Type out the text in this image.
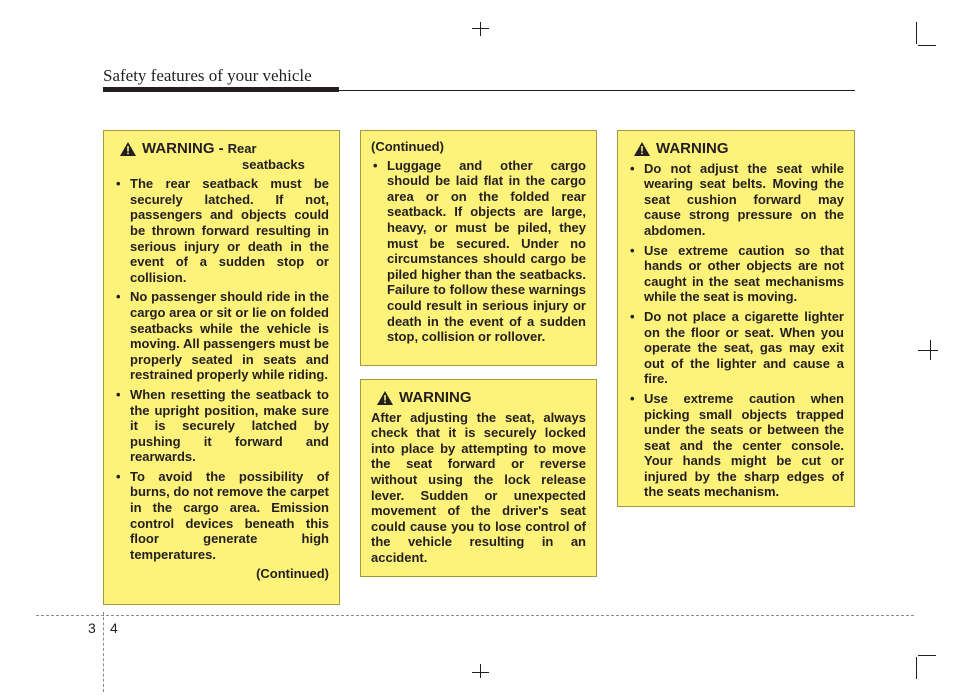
Safety features of your vehicle
WARNING - Rear
seatbacks
• The rear seatback must be securely latched. If not, passengers and objects could be thrown forward resulting in serious injury or death in the event of a sudden stop or collision.
• No passenger should ride in the cargo area or sit or lie on folded seatbacks while the vehicle is moving. All passengers must be properly seated in seats and restrained properly while riding.
• When resetting the seatback to the upright position, make sure it is securely latched by pushing it forward and rearwards.
• To avoid the possibility of burns, do not remove the carpet in the cargo area. Emission control devices beneath this floor generate high temperatures.
(Continued)
(Continued)
• Luggage and other cargo should be laid flat in the cargo area or on the folded rear seatback. If objects are large, heavy, or must be piled, they must be secured. Under no circumstances should cargo be piled higher than the seatbacks. Failure to follow these warnings could result in serious injury or death in the event of a sudden stop, collision or rollover.
WARNING
After adjusting the seat, always check that it is securely locked into place by attempting to move the seat forward or reverse without using the lock release lever. Sudden or unexpected movement of the driver's seat could cause you to lose control of the vehicle resulting in an accident.
WARNING
• Do not adjust the seat while wearing seat belts. Moving the seat cushion forward may cause strong pressure on the abdomen.
• Use extreme caution so that hands or other objects are not caught in the seat mechanisms while the seat is moving.
• Do not place a cigarette lighter on the floor or seat. When you operate the seat, gas may exit out of the lighter and cause a fire.
• Use extreme caution when picking small objects trapped under the seats or between the seat and the center console. Your hands might be cut or injured by the sharp edges of the seats mechanism.
3 4
